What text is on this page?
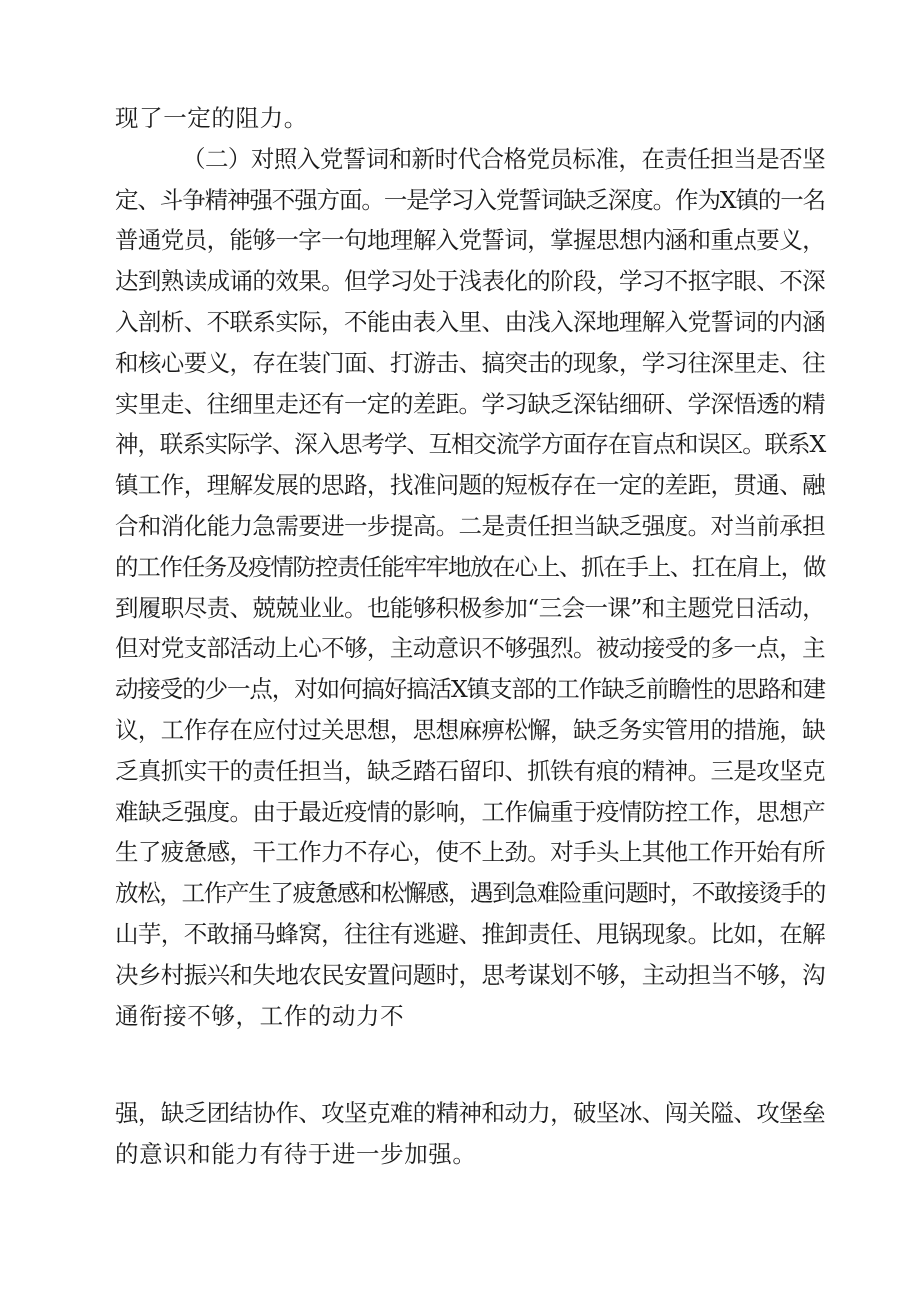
现了一定的阻力。
（二）对照入党誓词和新时代合格党员标准，在责任担当是否坚
定、斗争精神强不强方面。一是学习入党誓词缺乏深度。作为X镇的一名
普通党员，能够一字一句地理解入党誓词，掌握思想内涵和重点要义，
达到熟读成诵的效果。但学习处于浅表化的阶段，学习不抠字眼、不深
入剖析、不联系实际，不能由表入里、由浅入深地理解入党誓词的内涵
和核心要义，存在装门面、打游击、搞突击的现象，学习往深里走、往
实里走、往细里走还有一定的差距。学习缺乏深钻细研、学深悟透的精
神，联系实际学、深入思考学、互相交流学方面存在盲点和误区。联系X
镇工作，理解发展的思路，找准问题的短板存在一定的差距，贯通、融
合和消化能力急需要进一步提高。二是责任担当缺乏强度。对当前承担
的工作任务及疫情防控责任能牢牢地放在心上、抓在手上、扛在肩上，做
到履职尽责、兢兢业业。也能够积极参加“三会一课”和主题党日活动，
但对党支部活动上心不够，主动意识不够强烈。被动接受的多一点，主
动接受的少一点，对如何搞好搞活X镇支部的工作缺乏前瞻性的思路和建
议，工作存在应付过关思想，思想麻痹松懈，缺乏务实管用的措施，缺
乏真抓实干的责任担当，缺乏踏石留印、抓铁有痕的精神。三是攻坚克
难缺乏强度。由于最近疫情的影响，工作偏重于疫情防控工作，思想产
生了疲惫感，干工作力不存心，使不上劲。对手头上其他工作开始有所
放松，工作产生了疲惫感和松懈感，遇到急难险重问题时，不敢接烫手的
山芋，不敢捅马蜂窝，往往有逃避、推卸责任、甩锅现象。比如，在解
决乡村振兴和失地农民安置问题时，思考谋划不够，主动担当不够，沟
通衔接不够，工作的动力不
强，缺乏团结协作、攻坚克难的精神和动力，破坚冰、闯关隘、攻堡垒
的意识和能力有待于进一步加强。
